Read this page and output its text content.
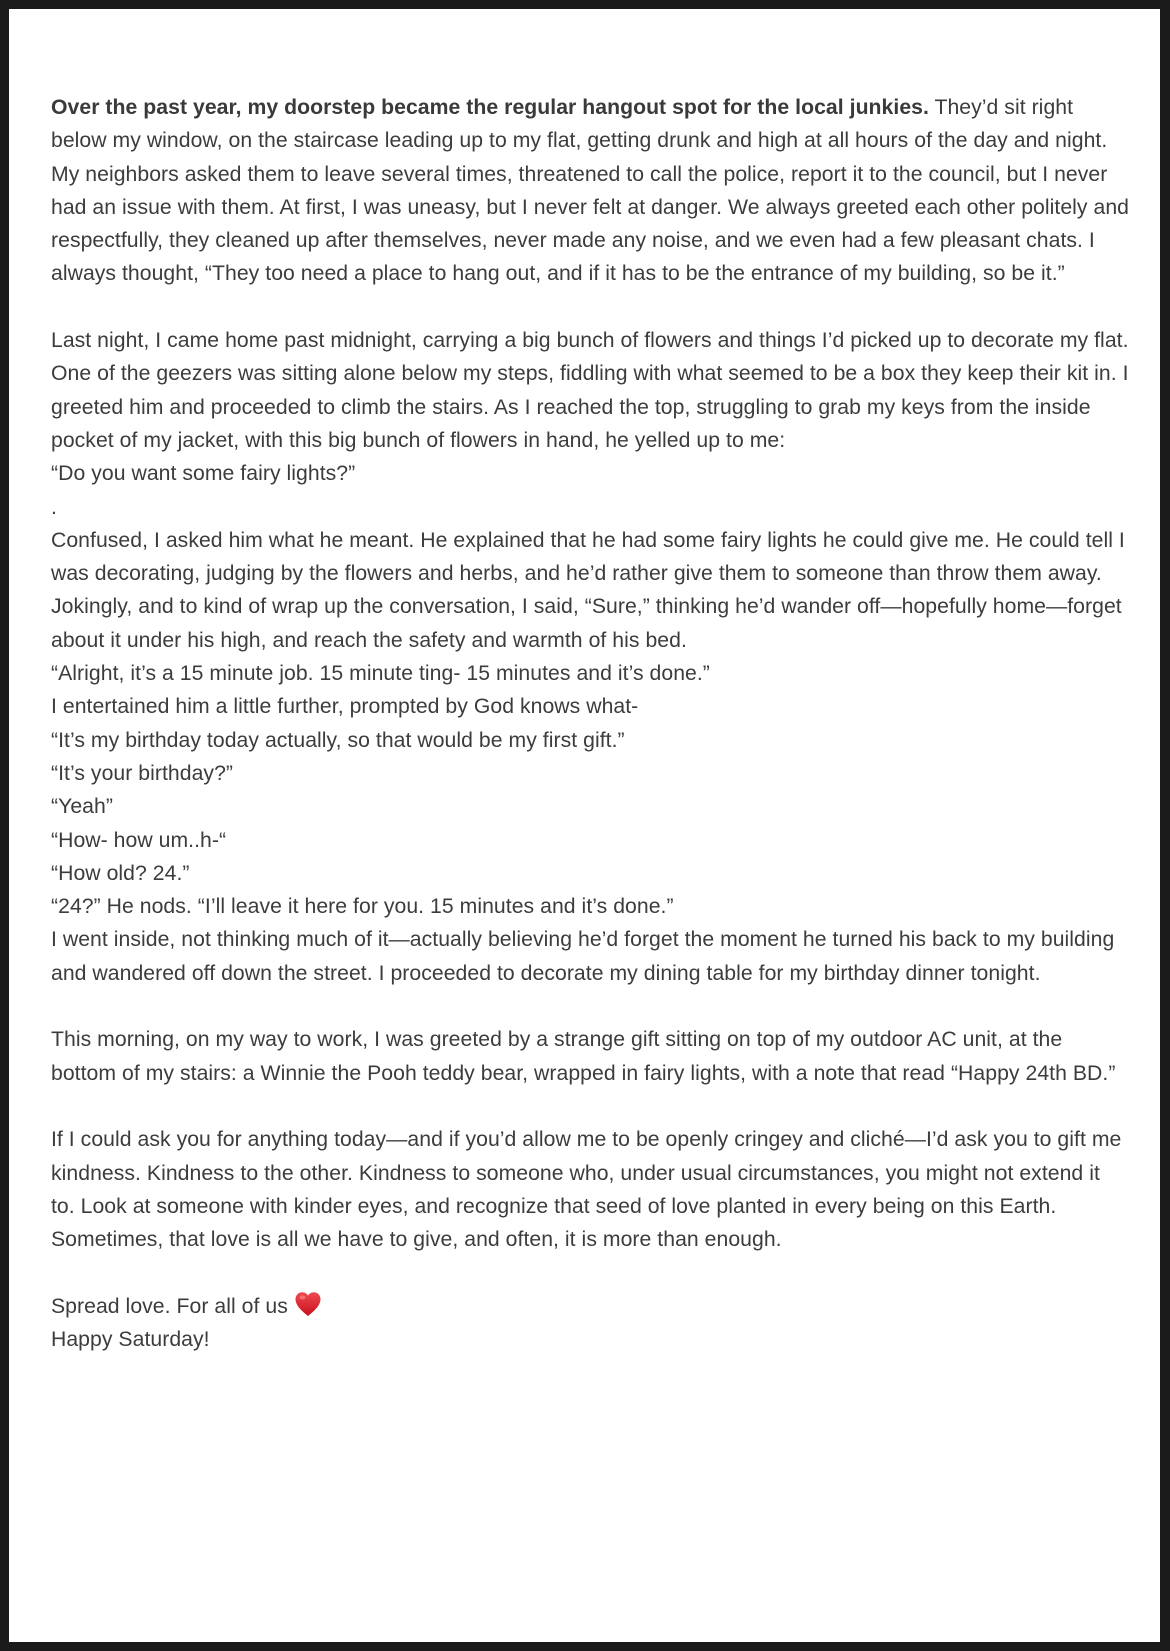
Over the past year, my doorstep became the regular hangout spot for the local junkies. They’d sit right below my window, on the staircase leading up to my flat, getting drunk and high at all hours of the day and night. My neighbors asked them to leave several times, threatened to call the police, report it to the council, but I never had an issue with them. At first, I was uneasy, but I never felt at danger. We always greeted each other politely and respectfully, they cleaned up after themselves, never made any noise, and we even had a few pleasant chats. I always thought, “They too need a place to hang out, and if it has to be the entrance of my building, so be it.”

Last night, I came home past midnight, carrying a big bunch of flowers and things I’d picked up to decorate my flat. One of the geezers was sitting alone below my steps, fiddling with what seemed to be a box they keep their kit in. I greeted him and proceeded to climb the stairs. As I reached the top, struggling to grab my keys from the inside pocket of my jacket, with this big bunch of flowers in hand, he yelled up to me:

“Do you want some fairy lights?”

.

Confused, I asked him what he meant. He explained that he had some fairy lights he could give me. He could tell I was decorating, judging by the flowers and herbs, and he’d rather give them to someone than throw them away. Jokingly, and to kind of wrap up the conversation, I said, “Sure,” thinking he’d wander off—hopefully home—forget about it under his high, and reach the safety and warmth of his bed.

“Alright, it’s a 15 minute job. 15 minute ting- 15 minutes and it’s done.”

I entertained him a little further, prompted by God knows what-

“It’s my birthday today actually, so that would be my first gift.”

“It’s your birthday?”

“Yeah”

“How- how um..h-“

“How old? 24.”

“24?” He nods. “I’ll leave it here for you. 15 minutes and it’s done.”

I went inside, not thinking much of it—actually believing he’d forget the moment he turned his back to my building and wandered off down the street. I proceeded to decorate my dining table for my birthday dinner tonight.

This morning, on my way to work, I was greeted by a strange gift sitting on top of my outdoor AC unit, at the bottom of my stairs: a Winnie the Pooh teddy bear, wrapped in fairy lights, with a note that read “Happy 24th BD.”

If I could ask you for anything today—and if you’d allow me to be openly cringey and cliché—I’d ask you to gift me kindness. Kindness to the other. Kindness to someone who, under usual circumstances, you might not extend it to. Look at someone with kinder eyes, and recognize that seed of love planted in every being on this Earth. Sometimes, that love is all we have to give, and often, it is more than enough.

Spread love. For all of us

Happy Saturday!
